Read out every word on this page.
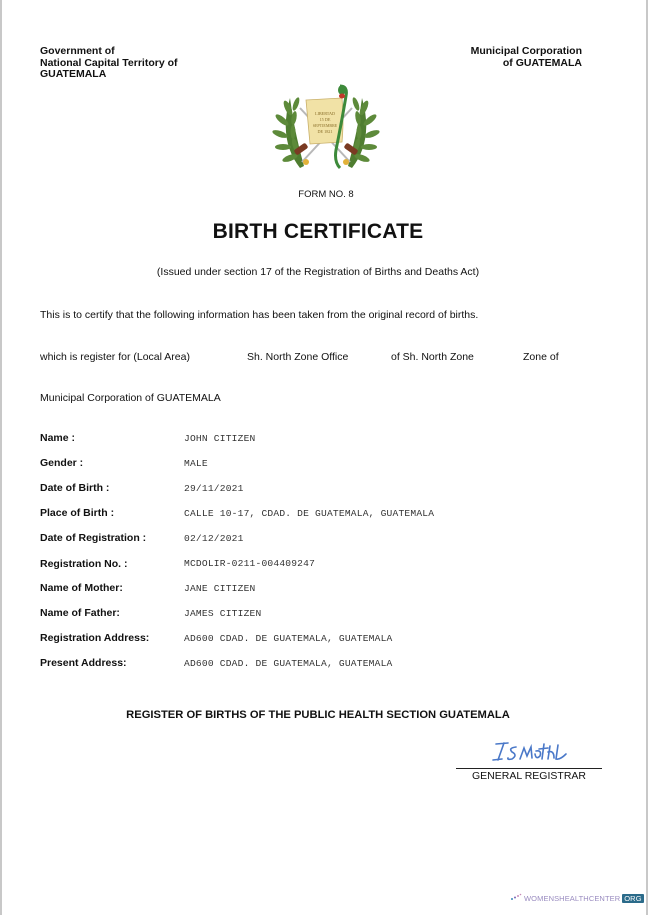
Government of
National Capital Territory of
GUATEMALA
Municipal Corporation
of GUATEMALA
LIBERTAD
15 DE
SEPTIEMBRE
DE 1821
FORM NO. 8
BIRTH CERTIFICATE
(Issued under section 17 of the Registration of Births and Deaths Act)
This is to certify that the following information has been taken from the original record of births.
which is register for (Local Area)	Sh. North Zone Office	of Sh. North Zone	Zone of
Municipal Corporation of GUATEMALA
Name :	JOHN CITIZEN
Gender :	MALE
Date of Birth :	29/11/2021
Place of Birth :	CALLE 10-17, CDAD. DE GUATEMALA, GUATEMALA
Date of Registration :	02/12/2021
Registration No. :	MCDOLIR-0211-004409247
Name of Mother:	JANE CITIZEN
Name of Father:	JAMES CITIZEN
Registration Address:	AD600 CDAD. DE GUATEMALA, GUATEMALA
Present Address:	AD600 CDAD. DE GUATEMALA, GUATEMALA
REGISTER OF BIRTHS OF THE PUBLIC HEALTH SECTION GUATEMALA
GENERAL REGISTRAR
WOMENSHEALTHCENTER ORG
